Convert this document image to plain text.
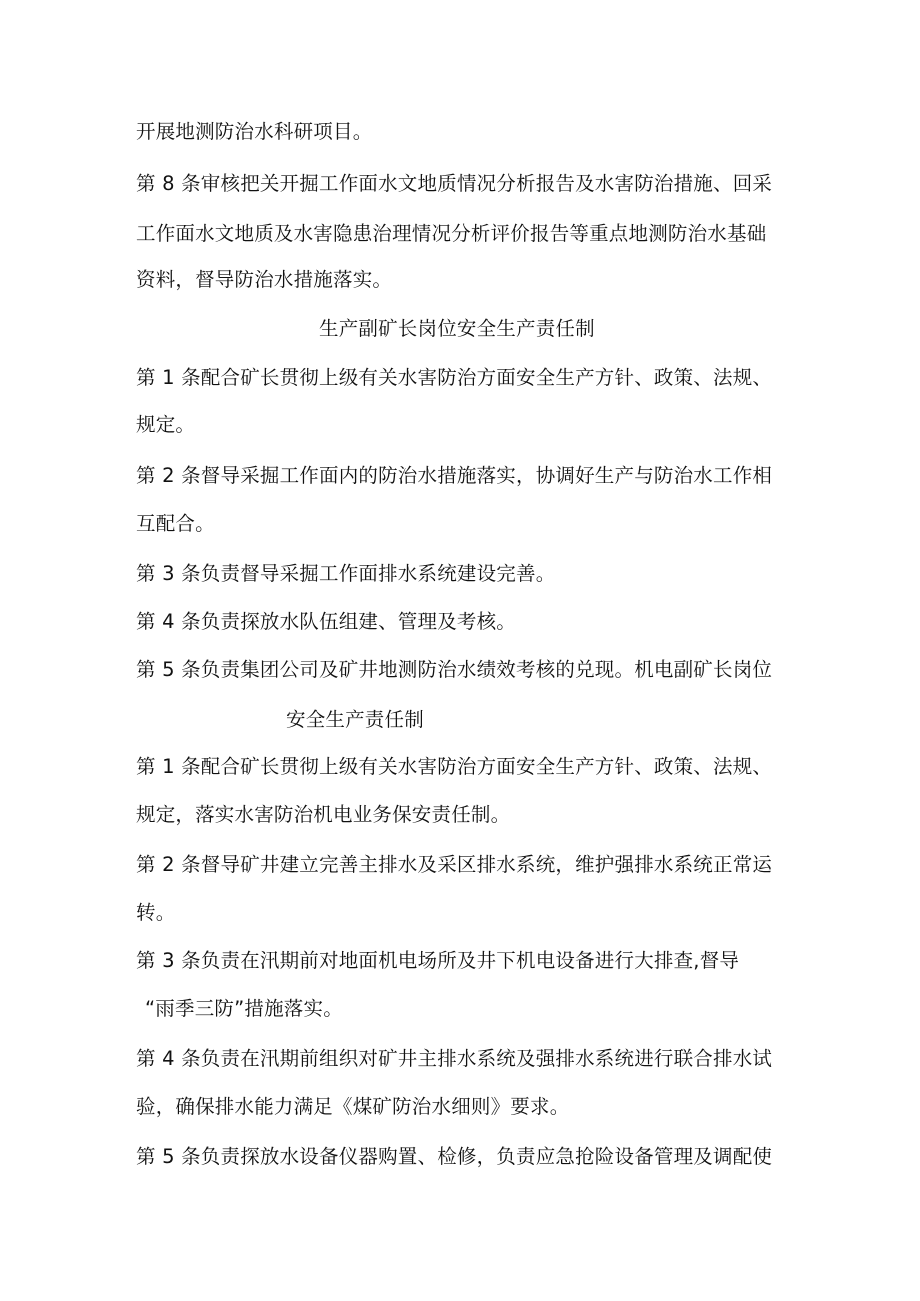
开展地测防治水科研项目。
第 8 条审核把关开掘工作面水文地质情况分析报告及水害防治措施、回采
工作面水文地质及水害隐患治理情况分析评价报告等重点地测防治水基础
资料，督导防治水措施落实。
生产副矿长岗位安全生产责任制
第 1 条配合矿长贯彻上级有关水害防治方面安全生产方针、政策、法规、
规定。
第 2 条督导采掘工作面内的防治水措施落实，协调好生产与防治水工作相
互配合。
第 3 条负责督导采掘工作面排水系统建设完善。
第 4 条负责探放水队伍组建、管理及考核。
第 5 条负责集团公司及矿井地测防治水绩效考核的兑现。机电副矿长岗位
安全生产责任制
第 1 条配合矿长贯彻上级有关水害防治方面安全生产方针、政策、法规、
规定，落实水害防治机电业务保安责任制。
第 2 条督导矿井建立完善主排水及采区排水系统，维护强排水系统正常运
转。
第 3 条负责在汛期前对地面机电场所及井下机电设备进行大排查,督导
“雨季三防”措施落实。
第 4 条负责在汛期前组织对矿井主排水系统及强排水系统进行联合排水试
验，确保排水能力满足《煤矿防治水细则》要求。
第 5 条负责探放水设备仪器购置、检修，负责应急抢险设备管理及调配使
